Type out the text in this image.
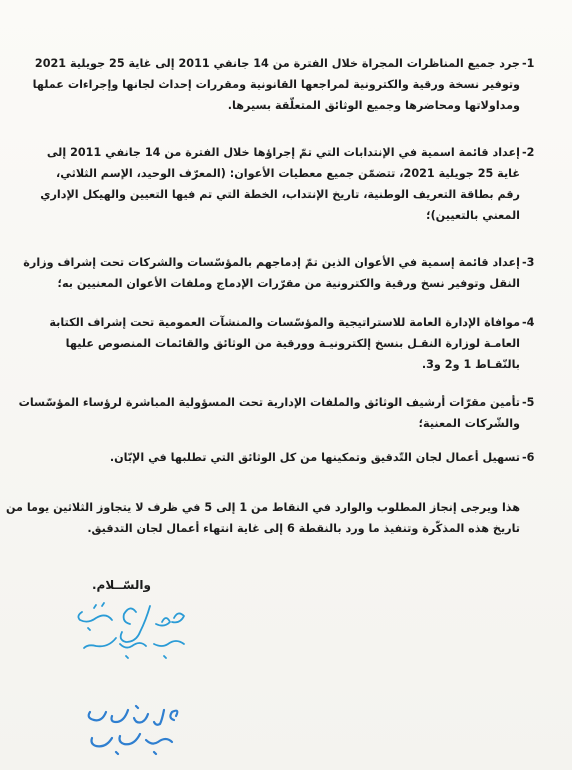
-1
جرد جميع المناظرات المجراة خلال الفترة من 14 جانفي 2011 إلى غاية 25 جويلية 2021
وتوفير نسخة ورقية والكترونية لمراجعها القانونية ومقررات إحداث لجانها وإجراءات عملها
ومداولاتها ومحاضرها وجميع الوثائق المتعلّقة بسيرها.
-2
إعداد قائمة اسمية في الإنتدابات التي تمّ إجراؤها خلال الفترة من 14 جانفي 2011 إلى
غاية 25 جويلية 2021، تتضمّن جميع معطيات الأعوان: (المعرّف الوحيد، الإسم الثلاثي،
رقم بطاقة التعريف الوطنية، تاريخ الإنتداب، الخطة التي تم فيها التعيين والهيكل الإداري
المعني بالتعيين)؛
-3
إعداد قائمة إسمية في الأعوان الذين تمّ إدماجهم بالمؤسّسات والشركات تحت إشراف وزارة
النقل وتوفير نسخ ورقية والكترونية من مقرّرات الإدماج وملفات الأعوان المعنيين به؛
-4
موافاة الإدارة العامة للاستراتيجية والمؤسّسات والمنشآت العمومية تحت إشراف الكتابة
العامـة لوزارة النقـل بنسخ إلكترونيـة وورقية من الوثائق والقائمات المنصوص عليها
بالنّقـاط 1 و2 و3.
-5
تأمين مقرّات أرشيف الوثائق والملفات الإدارية تحت المسؤولية المباشرة لرؤساء المؤسّسات
والشّركات المعنية؛
-6
تسهيل أعمال لجان التّدقيق وتمكينها من كل الوثائق التي تطلبها في الإبّان.
هذا ويرجى إنجاز المطلوب والوارد في النقاط من 1 إلى 5 في ظرف لا يتجاوز الثلاثين يوما من
تاريخ هذه المذكّرة وتنفيذ ما ورد بالنقطة 6 إلى غاية انتهاء أعمال لجان التدقيق.
والسّــلام.
